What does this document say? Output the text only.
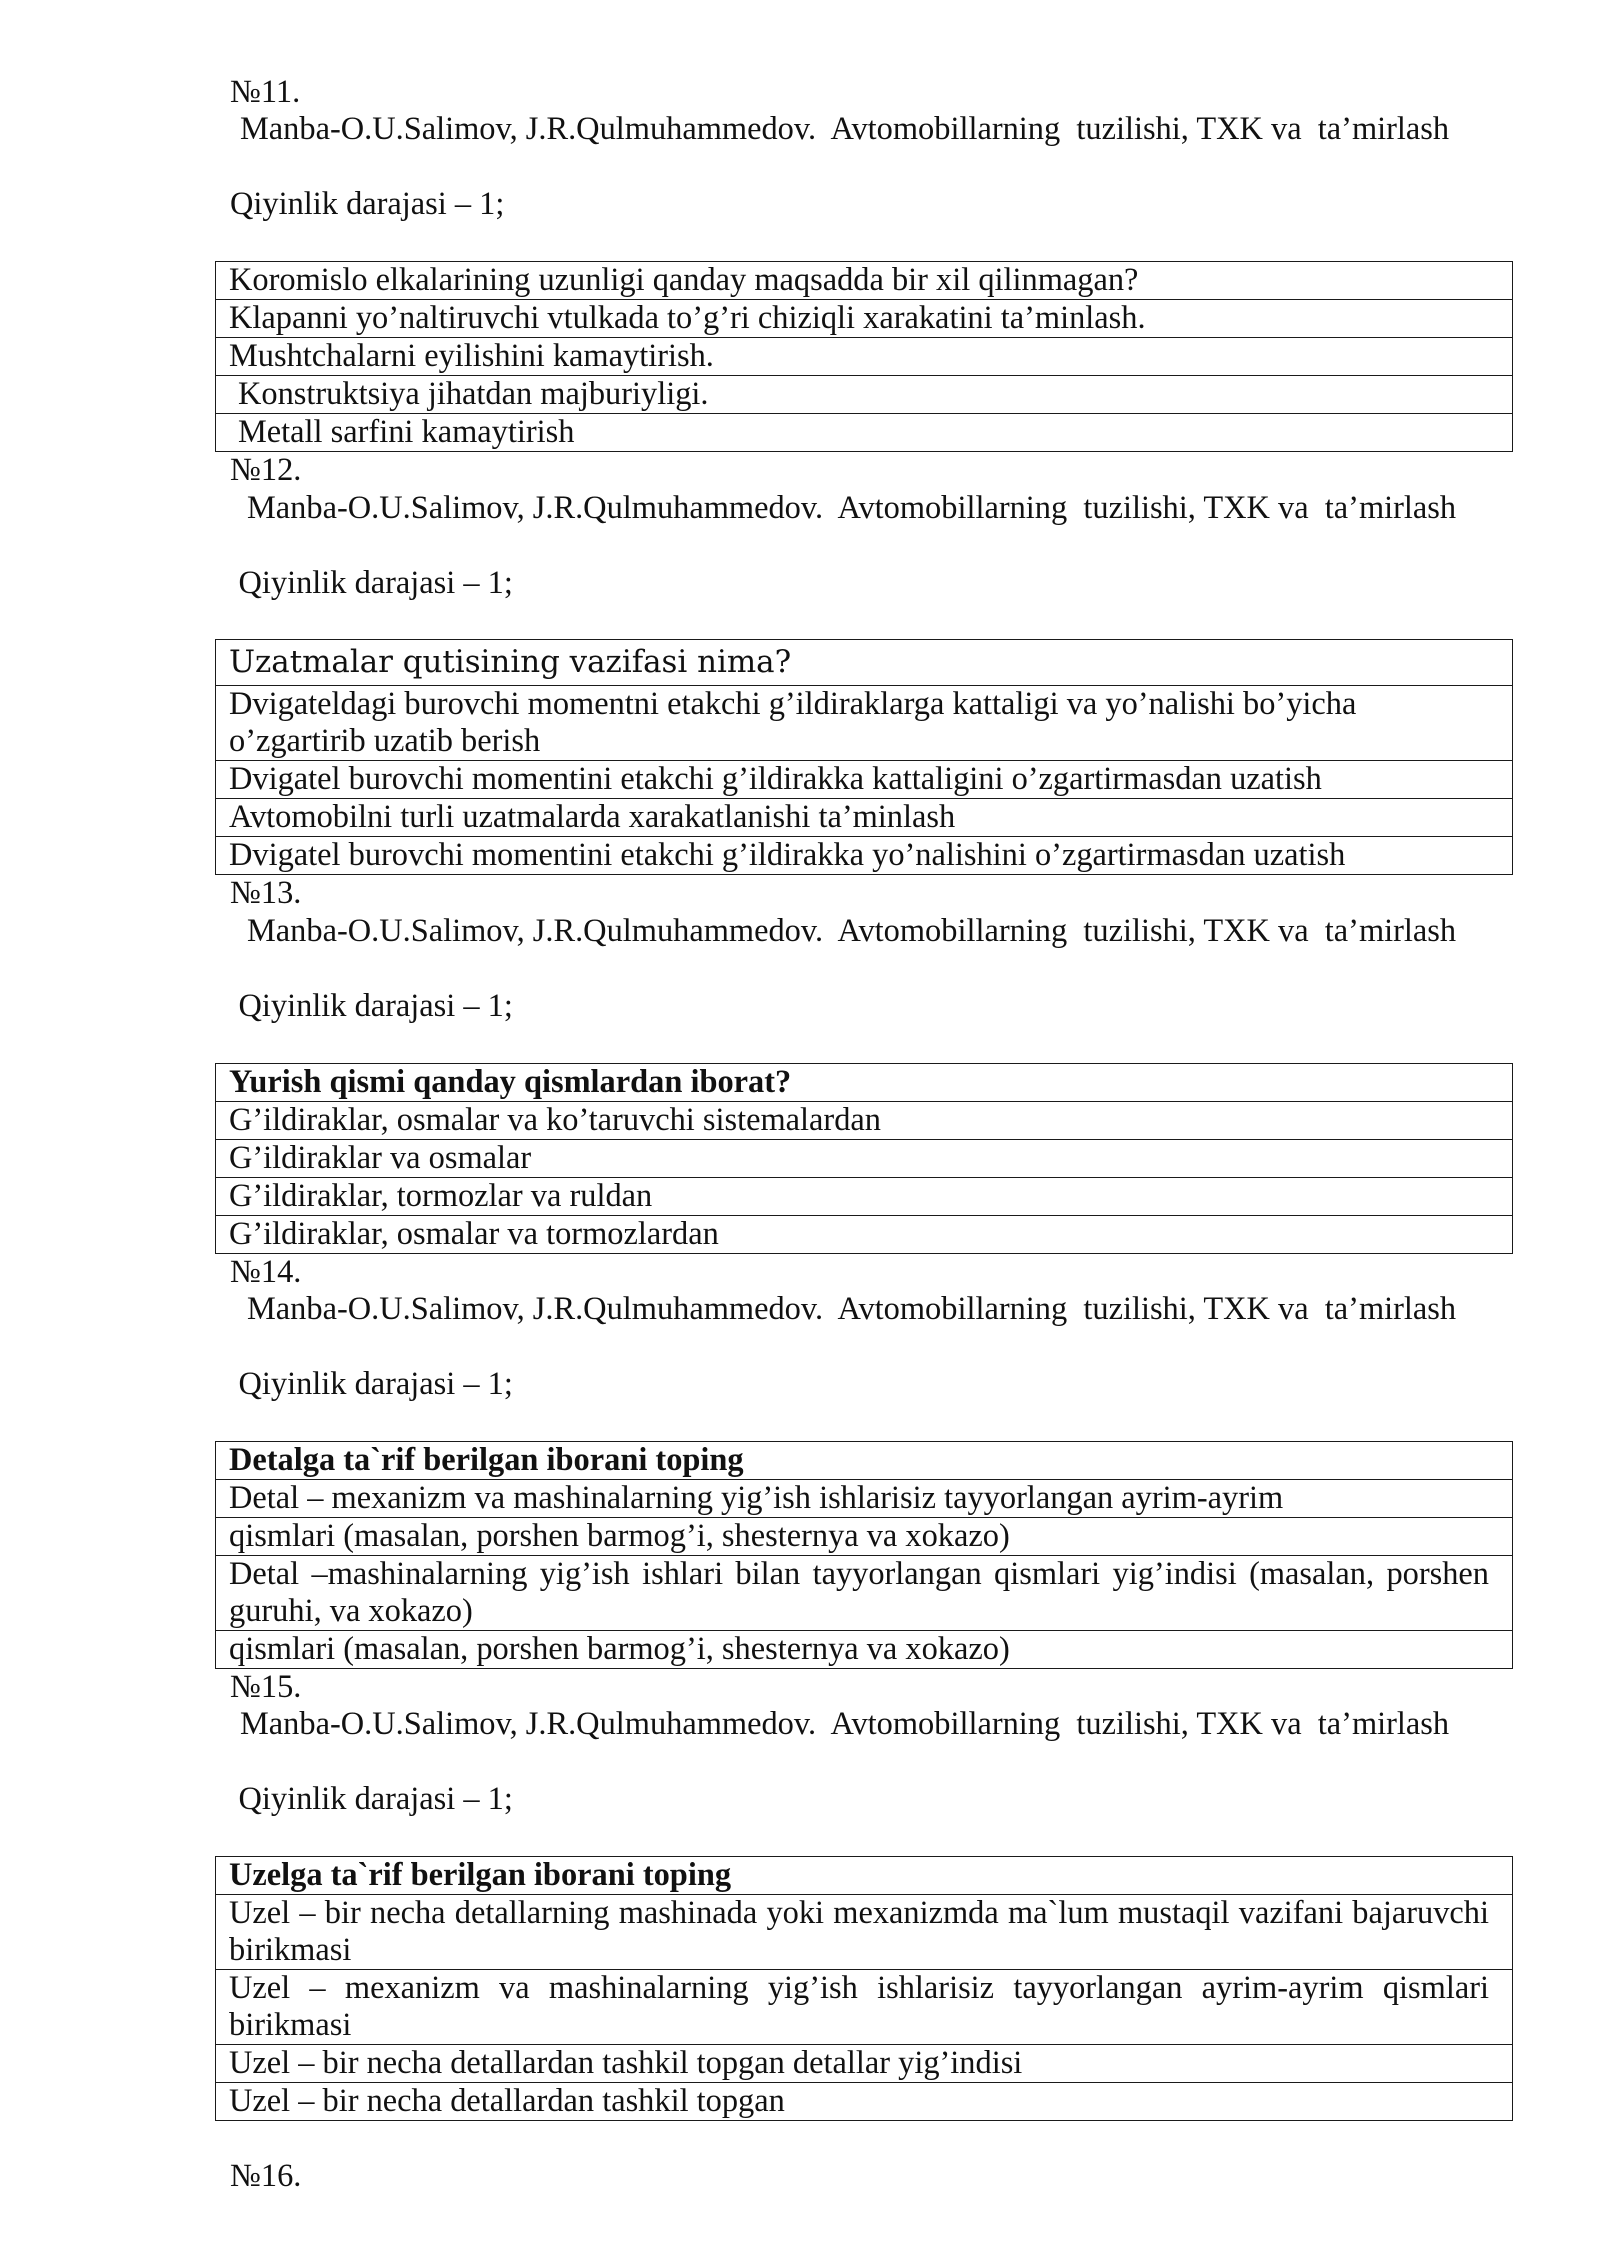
№11.

Manba-O.U.Salimov, J.R.Qulmuhammedov.  Avtomobillarning  tuzilishi, TXK va  ta’mirlash

Qiyinlik darajasi – 1;

Koromislo elkalarining uzunligi qanday maqsadda bir xil qilinmagan?
Klapanni yo’naltiruvchi vtulkada to’g’ri chiziqli xarakatini ta’minlash.
Mushtchalarni eyilishini kamaytirish.
Konstruktsiya jihatdan majburiyligi.
Metall sarfini kamaytirish

№12.

Manba-O.U.Salimov, J.R.Qulmuhammedov.  Avtomobillarning  tuzilishi, TXK va  ta’mirlash

Qiyinlik darajasi – 1;

Uzatmalar qutisining vazifasi nima?
Dvigateldagi burovchi momentni etakchi g’ildiraklarga kattaligi va yo’nalishi bo’yicha o’zgartirib uzatib berish
Dvigatel burovchi momentini etakchi g’ildirakka kattaligini o’zgartirmasdan uzatish
Avtomobilni turli uzatmalarda xarakatlanishi ta’minlash
Dvigatel burovchi momentini etakchi g’ildirakka yo’nalishini o’zgartirmasdan uzatish

№13.

Manba-O.U.Salimov, J.R.Qulmuhammedov.  Avtomobillarning  tuzilishi, TXK va  ta’mirlash

Qiyinlik darajasi – 1;

Yurish qismi qanday qismlardan iborat?
G’ildiraklar, osmalar va ko’taruvchi sistemalardan
G’ildiraklar va osmalar
G’ildiraklar, tormozlar va ruldan
G’ildiraklar, osmalar va tormozlardan

№14.

Manba-O.U.Salimov, J.R.Qulmuhammedov.  Avtomobillarning  tuzilishi, TXK va  ta’mirlash

Qiyinlik darajasi – 1;

Detalga ta`rif berilgan iborani toping
Detal – mexanizm va mashinalarning yig’ish ishlarisiz tayyorlangan ayrim-ayrim
qismlari (masalan, porshen barmog’i, shesternya va xokazo)
Detal –mashinalarning yig’ish ishlari bilan tayyorlangan qismlari yig’indisi (masalan, porshen guruhi, va xokazo)
qismlari (masalan, porshen barmog’i, shesternya va xokazo)

№15.

Manba-O.U.Salimov, J.R.Qulmuhammedov.  Avtomobillarning  tuzilishi, TXK va  ta’mirlash

Qiyinlik darajasi – 1;

Uzelga ta`rif berilgan iborani toping
Uzel – bir necha detallarning mashinada yoki mexanizmda ma`lum mustaqil vazifani bajaruvchi birikmasi
Uzel – mexanizm va mashinalarning yig’ish ishlarisiz tayyorlangan ayrim-ayrim qismlari birikmasi
Uzel – bir necha detallardan tashkil topgan detallar yig’indisi
Uzel – bir necha detallardan tashkil topgan

№16.
